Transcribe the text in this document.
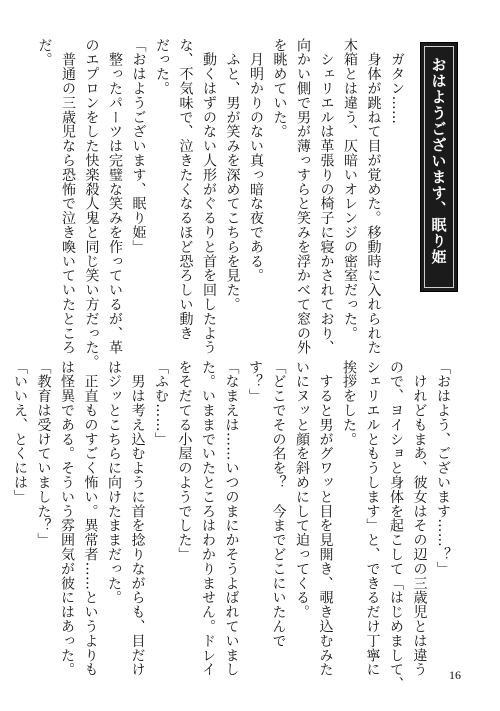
おはようございます、眠り姫
　ガタン……
　身体が跳ねて目が覚めた。移動時に入れられた
木箱とは違う、仄暗いオレンジの密室だった。
　シェリエルは革張りの椅子に寝かされており、
向かい側で男が薄っすらと笑みを浮かべて窓の外
を眺めていた。
　月明かりのない真っ暗な夜である。
　ふと、男が笑みを深めてこちらを見た。
　動くはずのない人形がぐるりと首を回したよう
な、不気味で、泣きたくなるほど恐ろしい動き
だった。
「おはようございます、眠り姫」
　整ったパーツは完璧な笑みを作っているが、革
のエプロンをした快楽殺人鬼と同じ笑い方だった。
　普通の三歳児なら恐怖で泣き喚いていたところ
だ。
「おはよう、ございます……？」
　けれどもまあ、彼女はその辺の三歳児とは違う
ので、ヨイショと身体を起こして「はじめまして、
シェリエルともうします」と、できるだけ丁寧に
挨拶をした。
　すると男がグワッと目を見開き、覗き込むみた
いにヌッと顔を斜めにして迫ってくる。
「どこでその名を？　今までどこにいたんで
す？」
「なまえは……いつのまにかそうよばれていまし
た。いままでいたところはわかりません。ドレイ
をそだてる小屋のようでした」
「ふむ……」
　男は考え込むように首を捻りながらも、目だけ
はジッとこちらに向けたままだった。
　正直ものすごく怖い。異常者……というよりも
は怪異である。そういう雰囲気が彼にはあった。
「教育は受けていました？」
「いいえ、とくには」
16
